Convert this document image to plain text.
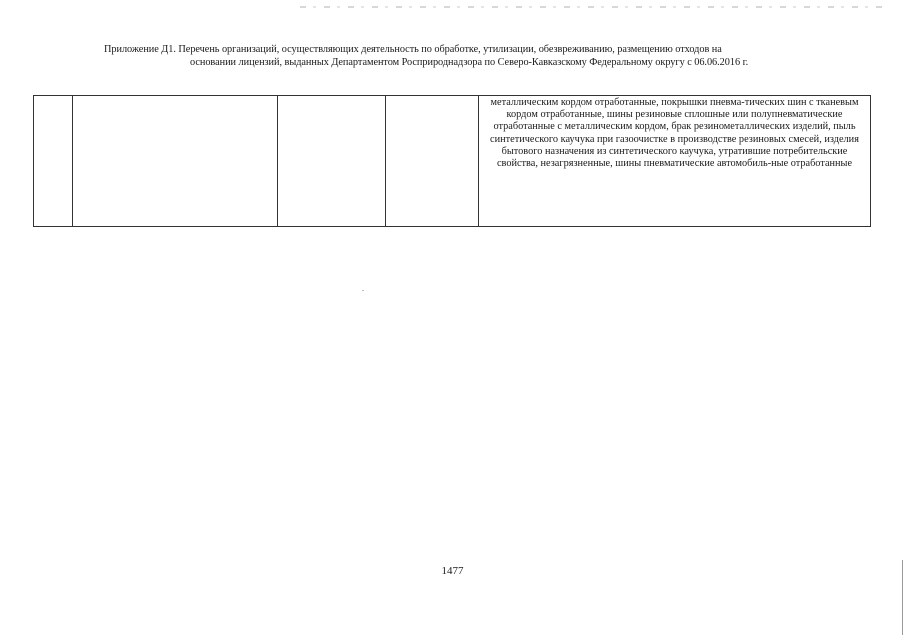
Приложение Д1. Перечень организаций, осуществляющих деятельность по обработке, утилизации, обезвреживанию, размещению отходов на
основании лицензий, выданных Департаментом Росприроднадзора по Северо-Кавказскому Федеральному округу с 06.06.2016 г.
				металлическим кордом отработанные, покрышки пневма-тических шин с тканевым кордом отработанные, шины резиновые сплошные или полупневматические отработанные с металлическим кордом, брак резинометаллических изделий, пыль синтетического каучука при газоочистке в производстве резиновых смесей, изделия бытового назначения из синтетического каучука, утратившие потребительские свойства, незагрязненные, шины пневматические автомобиль-ные отработанные
1477
